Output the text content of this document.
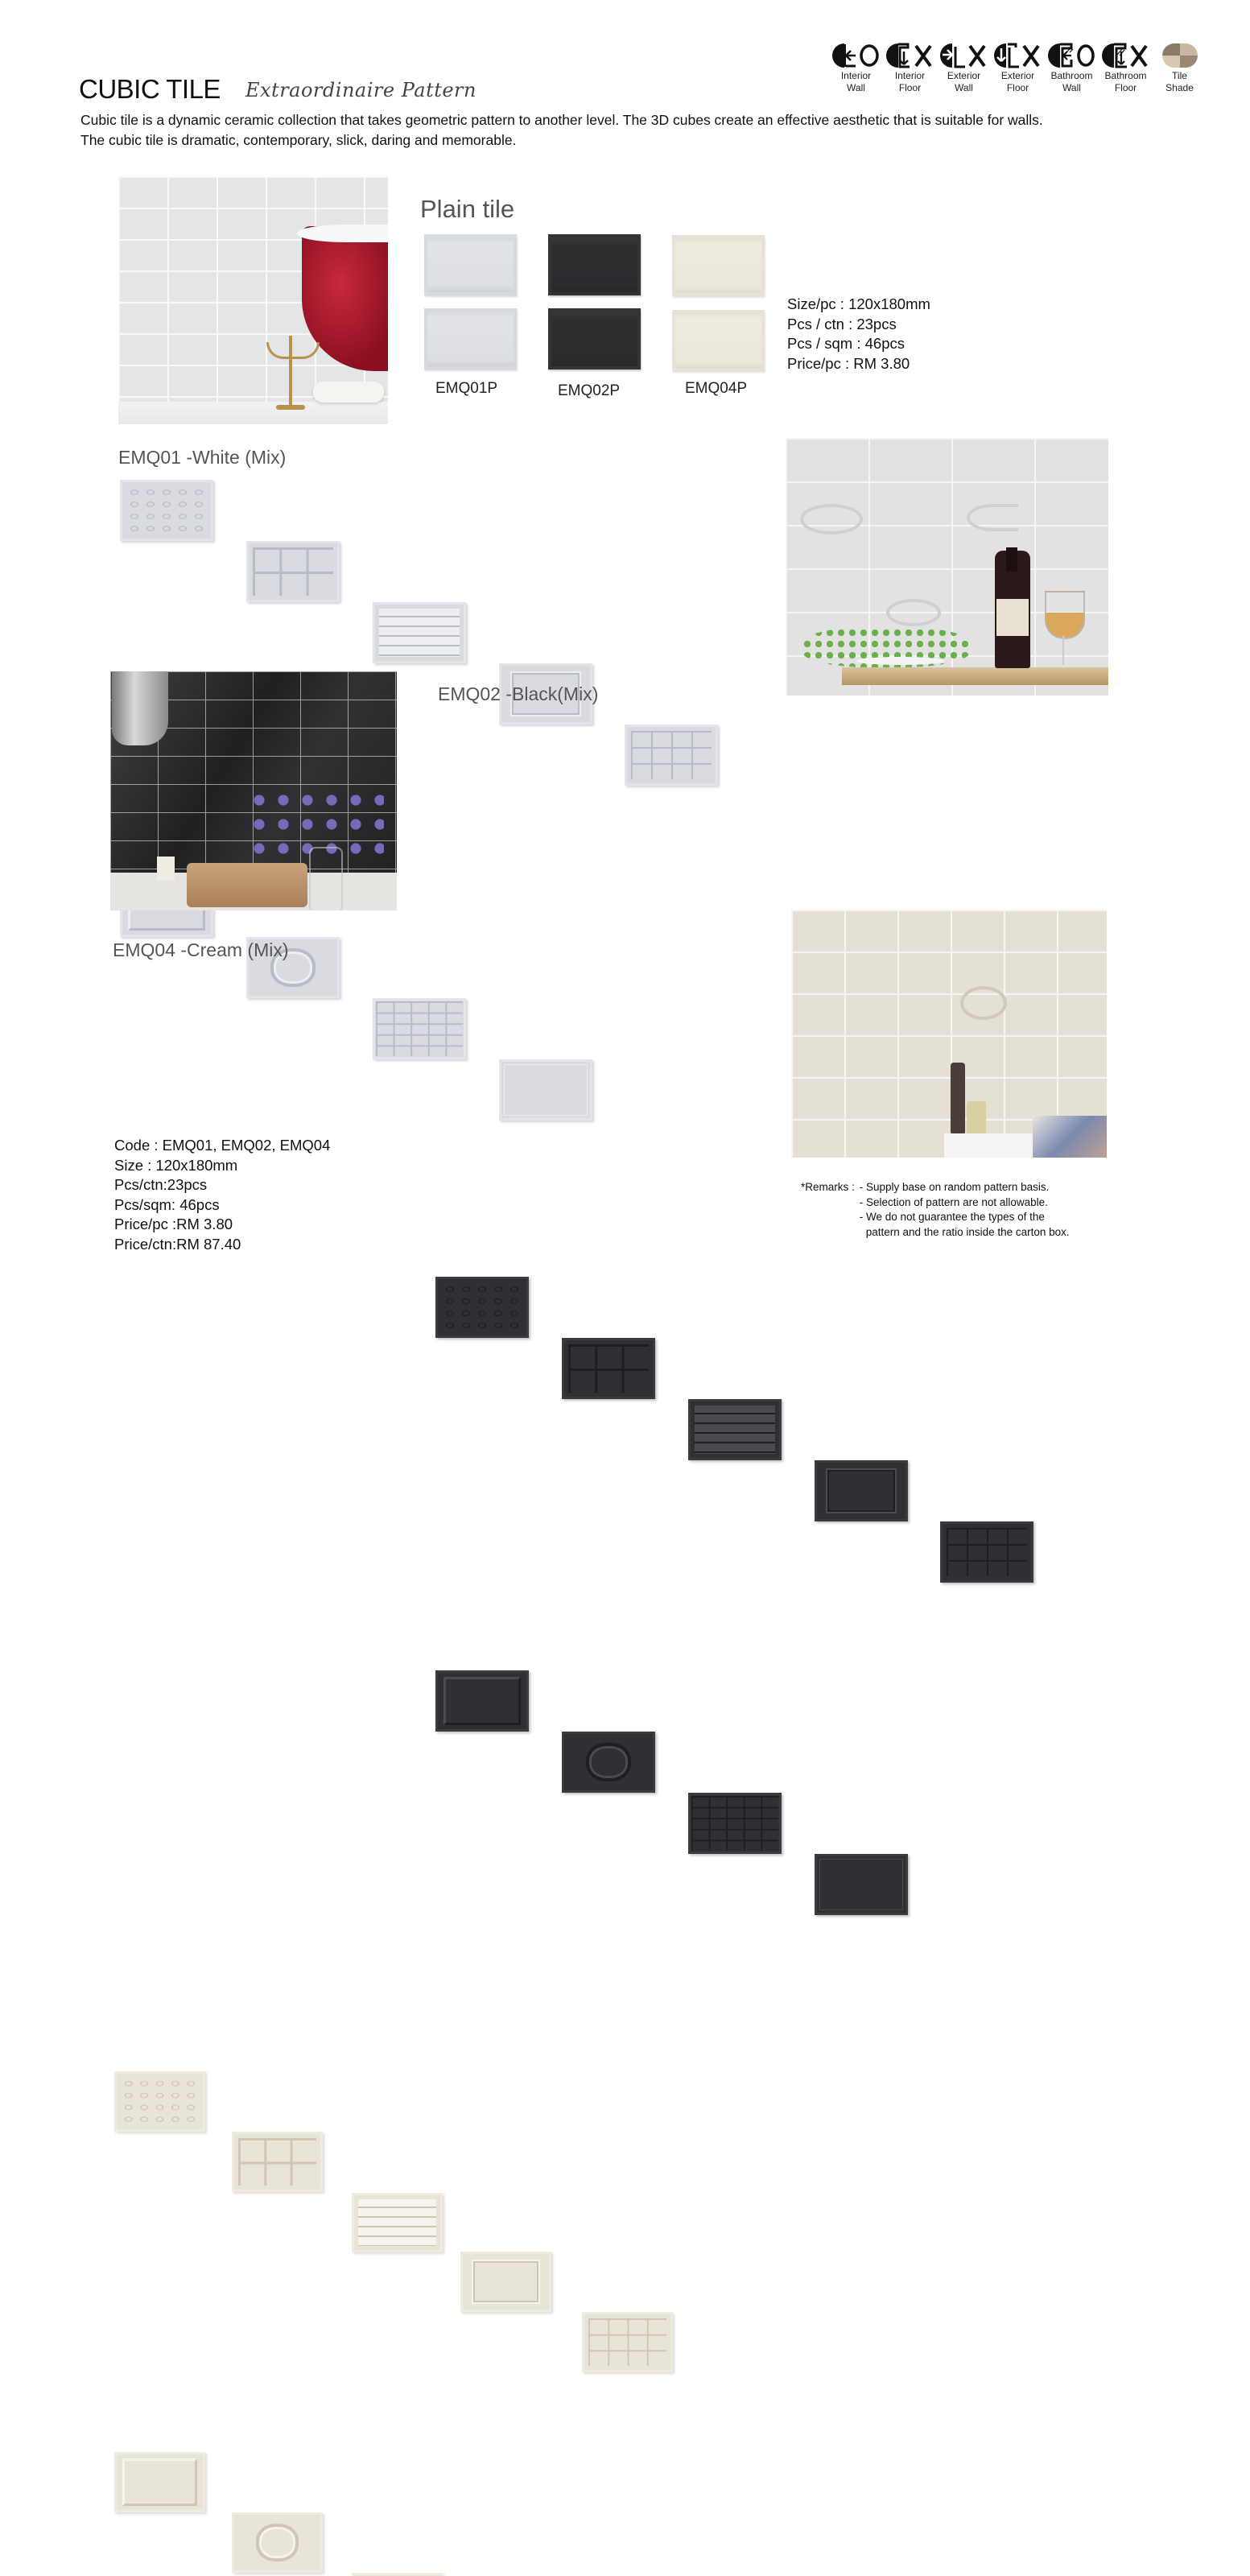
CUBIC TILE Extraordinaire Pattern
Cubic tile is a dynamic ceramic collection that takes geometric pattern to another level. The 3D cubes create an effective aesthetic that is suitable for walls. The cubic tile is dramatic, contemporary, slick, daring and memorable.
Interior
Wall
Interior
Floor
Exterior
Wall
Exterior
Floor
Bathroom
Wall
Bathroom
Floor
Tile
Shade
Plain tile
EMQ01P	EMQ02P	EMQ04P
Size/pc : 120x180mm
Pcs / ctn : 23pcs
Pcs / sqm : 46pcs
Price/pc : RM 3.80
EMQ01 -White (Mix)
EMQ02 -Black(Mix)
EMQ04 -Cream (Mix)
Code : EMQ01, EMQ02, EMQ04
Size : 120x180mm
Pcs/ctn:23pcs
Pcs/sqm: 46pcs
Price/pc :RM 3.80
Price/ctn:RM 87.40
*Remarks : - Supply base on random pattern basis.
- Selection of pattern are not allowable.
- We do not guarantee the types of the pattern and the ratio inside the carton box.
